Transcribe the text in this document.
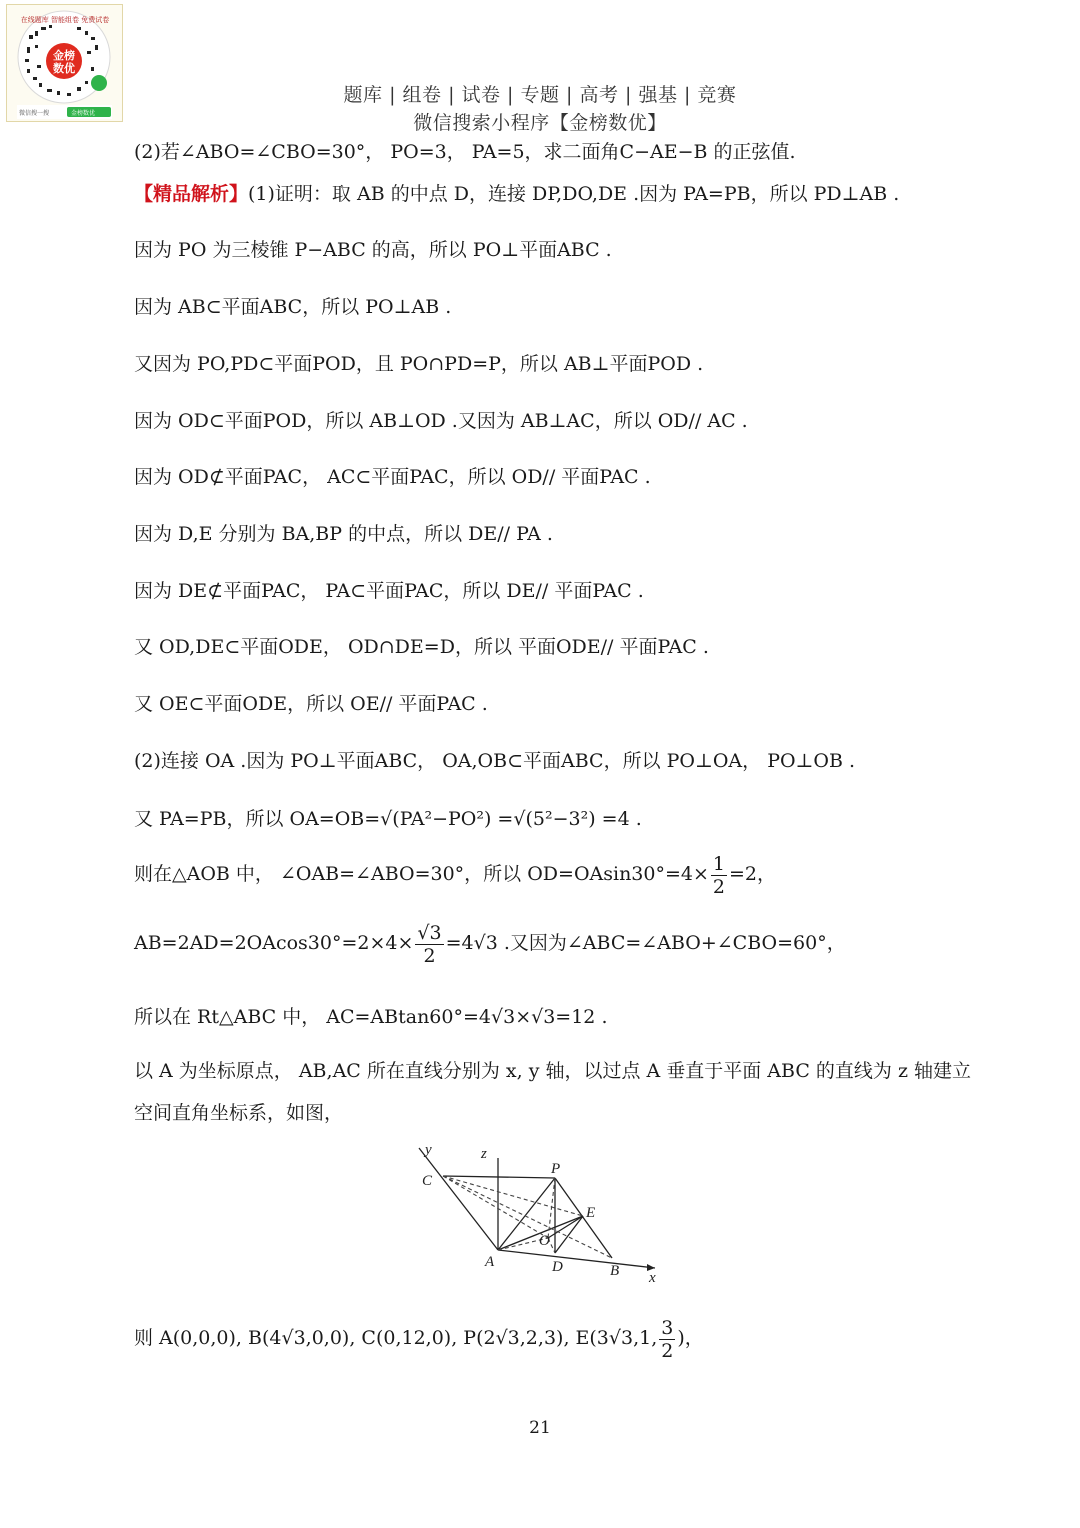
金榜
数优
在线题库 智能组卷 免费试卷
微信搜一搜	金榜数优
题库 | 组卷 | 试卷 | 专题 | 高考 | 强基 | 竞赛
微信搜索小程序【金榜数优】
(2)若∠ABO=∠CBO=30°， PO=3， PA=5，求二面角C−AE−B 的正弦值.
【精品解析】(1)证明：取 AB 的中点 D，连接 DP,DO,DE .因为 PA=PB，所以 PD⊥AB .
因为 PO 为三棱锥 P−ABC 的高，所以 PO⊥平面ABC .
因为 AB⊂平面ABC，所以 PO⊥AB .
又因为 PO,PD⊂平面POD，且 PO∩PD=P，所以 AB⊥平面POD .
因为 OD⊂平面POD，所以 AB⊥OD .又因为 AB⊥AC，所以 OD// AC .
因为 OD⊄平面PAC， AC⊂平面PAC，所以 OD// 平面PAC .
因为 D,E 分别为 BA,BP 的中点，所以 DE// PA .
因为 DE⊄平面PAC， PA⊂平面PAC，所以 DE// 平面PAC .
又 OD,DE⊂平面ODE， OD∩DE=D，所以 平面ODE// 平面PAC .
又 OE⊂平面ODE，所以 OE// 平面PAC .
(2)连接 OA .因为 PO⊥平面ABC， OA,OB⊂平面ABC，所以 PO⊥OA， PO⊥OB .
又 PA=PB，所以 OA=OB=√(PA²−PO²) =√(5²−3²) =4 .
则在△AOB 中， ∠OAB=∠ABO=30°，所以 $OD=OAsin30^\circ=4\times \frac{1}{2} =2$，
$AB=2AD=2OAcos30^\circ=2\times 4\times \frac{√3}{2} =4√3$ .又因为∠ABC=∠ABO+∠CBO=60°，
所以在 Rt△ABC 中， AC=ABtan60°=4√3×√3=12 .
以 A 为坐标原点， AB,AC 所在直线分别为 x, y 轴，以过点 A 垂直于平面 ABC 的直线为 z 轴建立
空间直角坐标系，如图，
y	z
C
P
E
O
A	D	B x
则 A(0,0,0), B(4√3,0,0), C(0,12,0), P(2√3,2,3), E(3√3,1, $\frac{3}{2}$ )，
21
